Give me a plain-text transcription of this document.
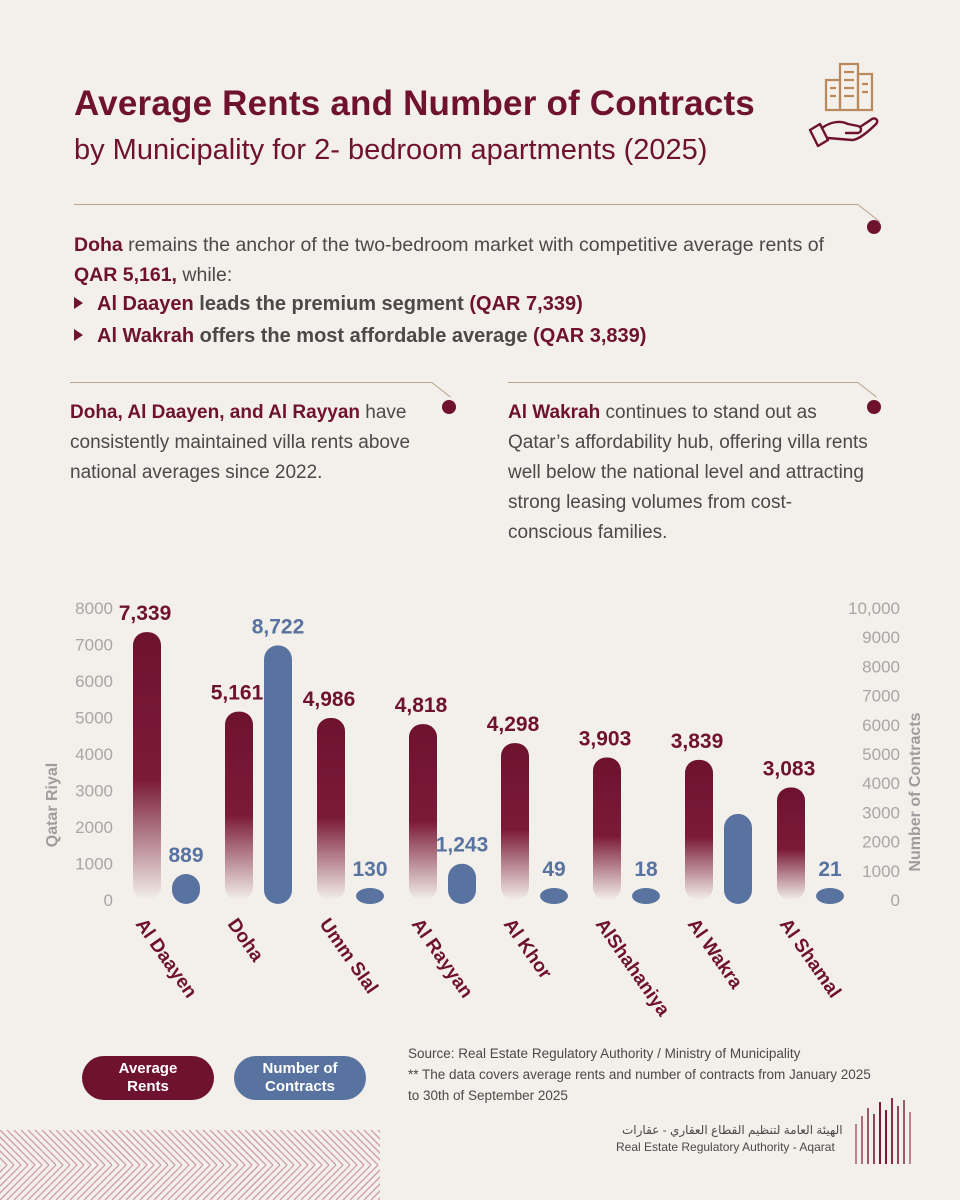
Average Rents and Number of Contracts
by Municipality for 2- bedroom apartments (2025)
Doha remains the anchor of the two-bedroom market with competitive average rents of QAR 5,161, while:
Al Daayen leads the premium segment (QAR 7,339)
Al Wakrah offers the most affordable average (QAR 3,839)
Doha, Al Daayen, and Al Rayyan have consistently maintained villa rents above national averages since 2022.
Al Wakrah continues to stand out as Qatar’s affordability hub, offering villa rents well below the national level and attracting strong leasing volumes from cost-conscious families.
0
1000
2000
3000
4000
5000
6000
7000
8000
0
1000
2000
3000
4000
5000
6000
7000
8000
9000
10,000
Qatar Riyal	Number of Contracts
7,339
889
Al Daayen
5,161
8,722
Doha
4,986
130
Umm Slal
4,818
1,243
Al Rayyan
4,298
49
Al Khor
3,903
18
AlShahaniya
3,839
Al Wakra
3,083
21
Al Shamal
Average Rents
Number of Contracts
Source: Real Estate Regulatory Authority / Ministry of Municipality
** The data covers average rents and number of contracts from January 2025 to 30th of September 2025
الهيئة العامة لتنظيم القطاع العقاري - عقارات
Real Estate Regulatory Authority - Aqarat
